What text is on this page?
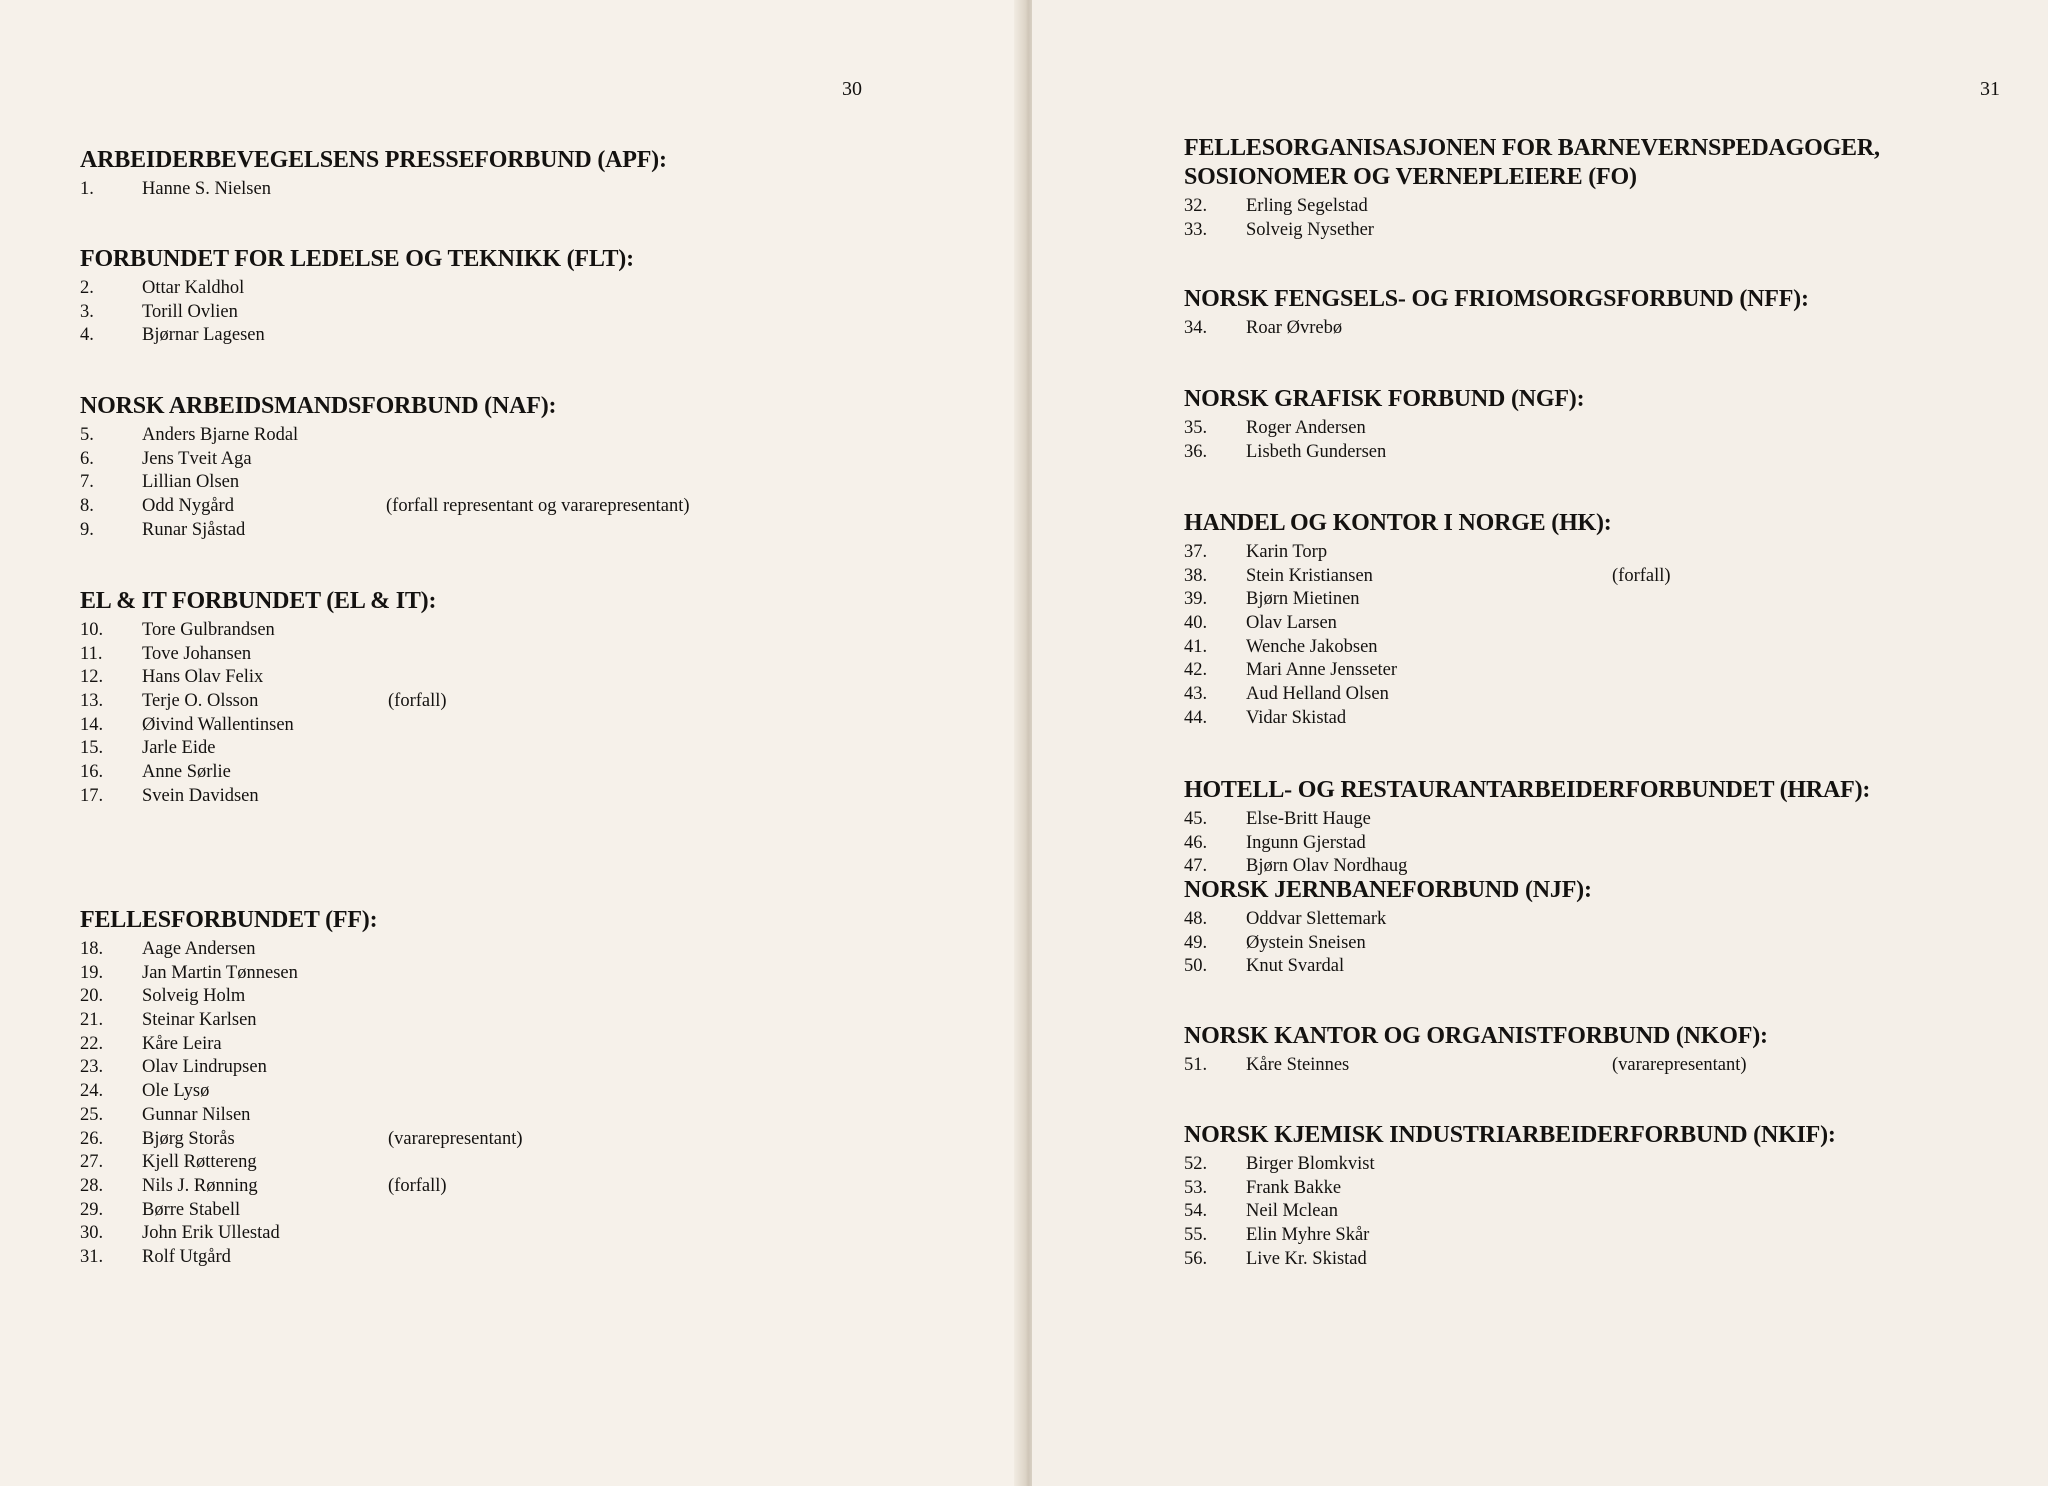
30
ARBEIDERBEVEGELSENS PRESSEFORBUND (APF):
1.	Hanne S. Nielsen
FORBUNDET FOR LEDELSE OG TEKNIKK (FLT):
2.	Ottar Kaldhol
3.	Torill Ovlien
4.	Bjørnar Lagesen
NORSK ARBEIDSMANDSFORBUND (NAF):
5.	Anders Bjarne Rodal
6.	Jens Tveit Aga
7.	Lillian Olsen
8.	Odd Nygård	(forfall representant og vararepresentant)
9.	Runar Sjåstad
EL & IT FORBUNDET (EL & IT):
10. Tore Gulbrandsen
11. Tove Johansen
12. Hans Olav Felix
13. Terje O. Olsson	(forfall)
14. Øivind Wallentinsen
15. Jarle Eide
16. Anne Sørlie
17. Svein Davidsen
FELLESFORBUNDET (FF):
18. Aage Andersen
19. Jan Martin Tønnesen
20. Solveig Holm
21. Steinar Karlsen
22. Kåre Leira
23. Olav Lindrupsen
24. Ole Lysø
25. Gunnar Nilsen
26. Bjørg Storås	(vararepresentant)
27. Kjell Røttereng
28. Nils J. Rønning	(forfall)
29. Børre Stabell
30. John Erik Ullestad
31. Rolf Utgård
31
FELLESORGANISASJONEN FOR BARNEVERNSPEDAGOGER,
SOSIONOMER OG VERNEPLEIERE (FO)
32. Erling Segelstad
33. Solveig Nysether
NORSK FENGSELS- OG FRIOMSORGSFORBUND (NFF):
34. Roar Øvrebø
NORSK GRAFISK FORBUND (NGF):
35. Roger Andersen
36. Lisbeth Gundersen
HANDEL OG KONTOR I NORGE (HK):
37. Karin Torp
38. Stein Kristiansen	(forfall)
39. Bjørn Mietinen
40. Olav Larsen
41. Wenche Jakobsen
42. Mari Anne Jensseter
43. Aud Helland Olsen
44. Vidar Skistad
HOTELL- OG RESTAURANTARBEIDERFORBUNDET (HRAF):
45. Else-Britt Hauge
46. Ingunn Gjerstad
47. Bjørn Olav Nordhaug
NORSK JERNBANEFORBUND (NJF):
48. Oddvar Slettemark
49. Øystein Sneisen
50. Knut Svardal
NORSK KANTOR OG ORGANISTFORBUND (NKOF):
51. Kåre Steinnes	(vararepresentant)
NORSK KJEMISK INDUSTRIARBEIDERFORBUND (NKIF):
52. Birger Blomkvist
53. Frank Bakke
54. Neil Mclean
55. Elin Myhre Skår
56. Live Kr. Skistad
